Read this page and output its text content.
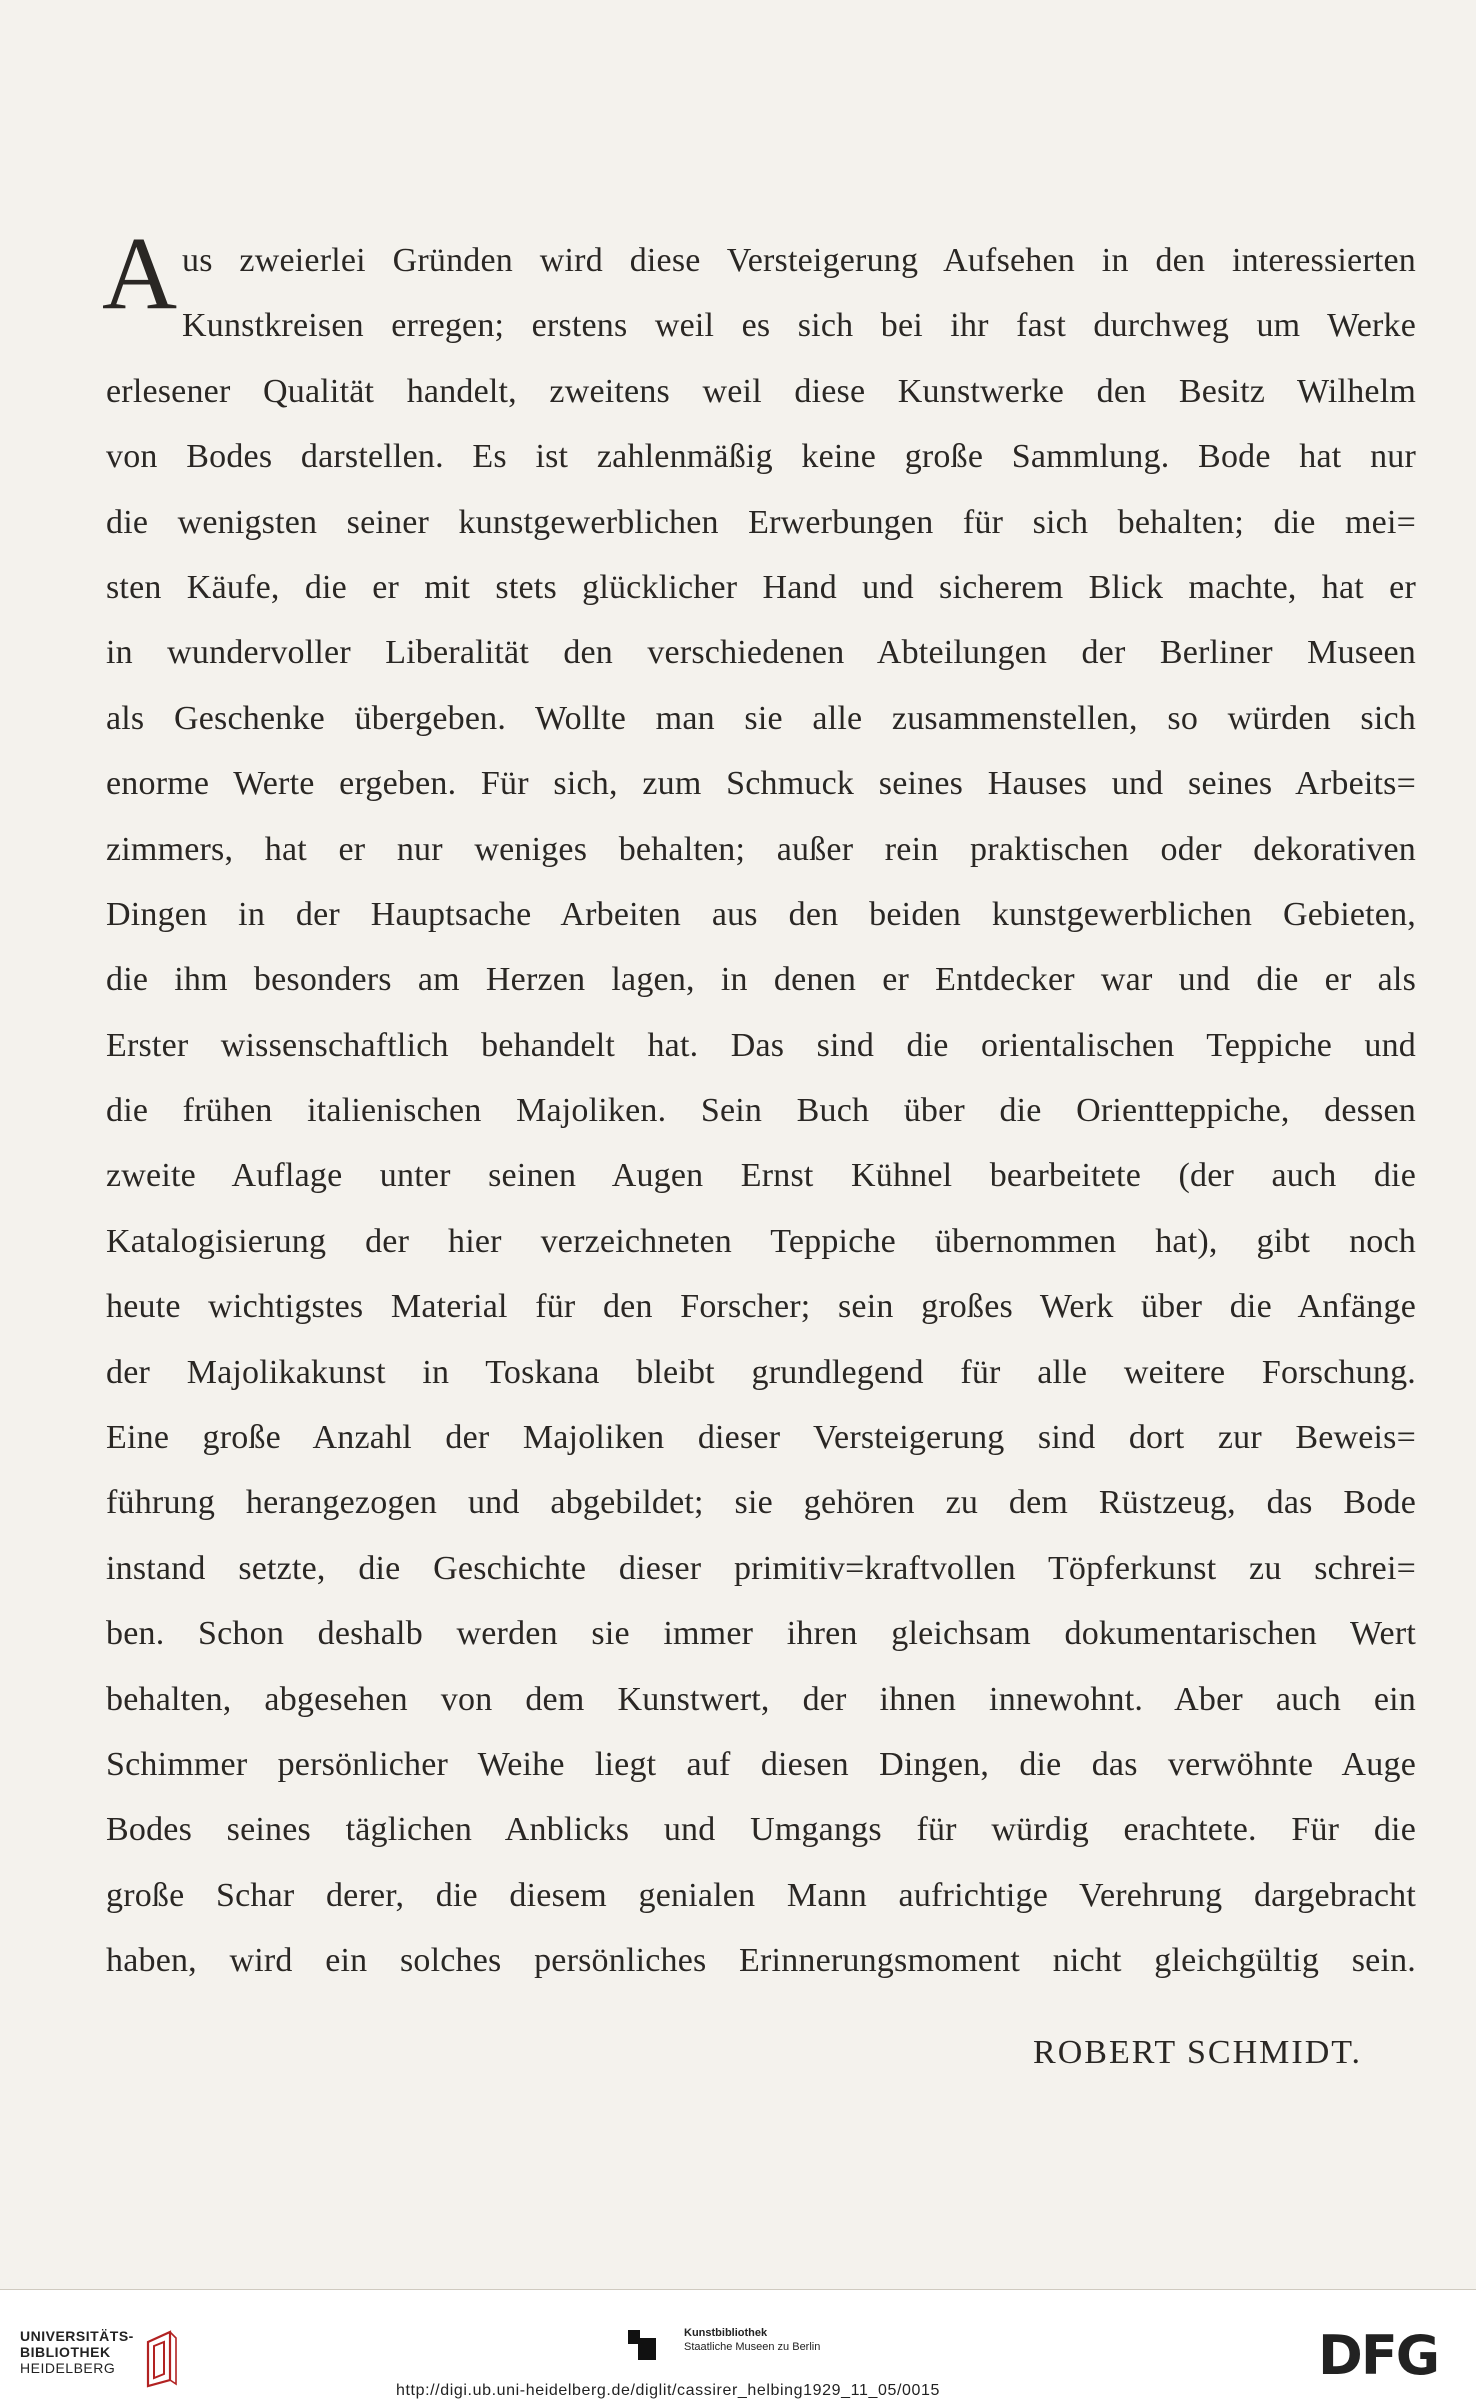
A us zweierlei Gründen wird diese Versteigerung Aufsehen in den interessierten
Kunstkreisen erregen; erstens weil es sich bei ihr fast durchweg um Werke
erlesener Qualität handelt, zweitens weil diese Kunstwerke den Besitz Wilhelm
von Bodes darstellen. Es ist zahlenmäßig keine große Sammlung. Bode hat nur
die wenigsten seiner kunstgewerblichen Erwerbungen für sich behalten; die mei=
sten Käufe, die er mit stets glücklicher Hand und sicherem Blick machte, hat er
in wundervoller Liberalität den verschiedenen Abteilungen der Berliner Museen
als Geschenke übergeben. Wollte man sie alle zusammenstellen, so würden sich
enorme Werte ergeben. Für sich, zum Schmuck seines Hauses und seines Arbeits=
zimmers, hat er nur weniges behalten; außer rein praktischen oder dekorativen
Dingen in der Hauptsache Arbeiten aus den beiden kunstgewerblichen Gebieten,
die ihm besonders am Herzen lagen, in denen er Entdecker war und die er als
Erster wissenschaftlich behandelt hat. Das sind die orientalischen Teppiche und
die frühen italienischen Majoliken. Sein Buch über die Orientteppiche, dessen
zweite Auflage unter seinen Augen Ernst Kühnel bearbeitete (der auch die
Katalogisierung der hier verzeichneten Teppiche übernommen hat), gibt noch
heute wichtigstes Material für den Forscher; sein großes Werk über die Anfänge
der Majolikakunst in Toskana bleibt grundlegend für alle weitere Forschung.
Eine große Anzahl der Majoliken dieser Versteigerung sind dort zur Beweis=
führung herangezogen und abgebildet; sie gehören zu dem Rüstzeug, das Bode
instand setzte, die Geschichte dieser primitiv=kraftvollen Töpferkunst zu schrei=
ben. Schon deshalb werden sie immer ihren gleichsam dokumentarischen Wert
behalten, abgesehen von dem Kunstwert, der ihnen innewohnt. Aber auch ein
Schimmer persönlicher Weihe liegt auf diesen Dingen, die das verwöhnte Auge
Bodes seines täglichen Anblicks und Umgangs für würdig erachtete. Für die
große Schar derer, die diesem genialen Mann aufrichtige Verehrung dargebracht
haben, wird ein solches persönliches Erinnerungsmoment nicht gleichgültig sein.
ROBERT SCHMIDT.
UNIVERSITÄTS-
BIBLIOTHEK
HEIDELBERG
Kunstbibliothek
Staatliche Museen zu Berlin	DFG
http://digi.ub.uni-heidelberg.de/diglit/cassirer_helbing1929_11_05/0015
